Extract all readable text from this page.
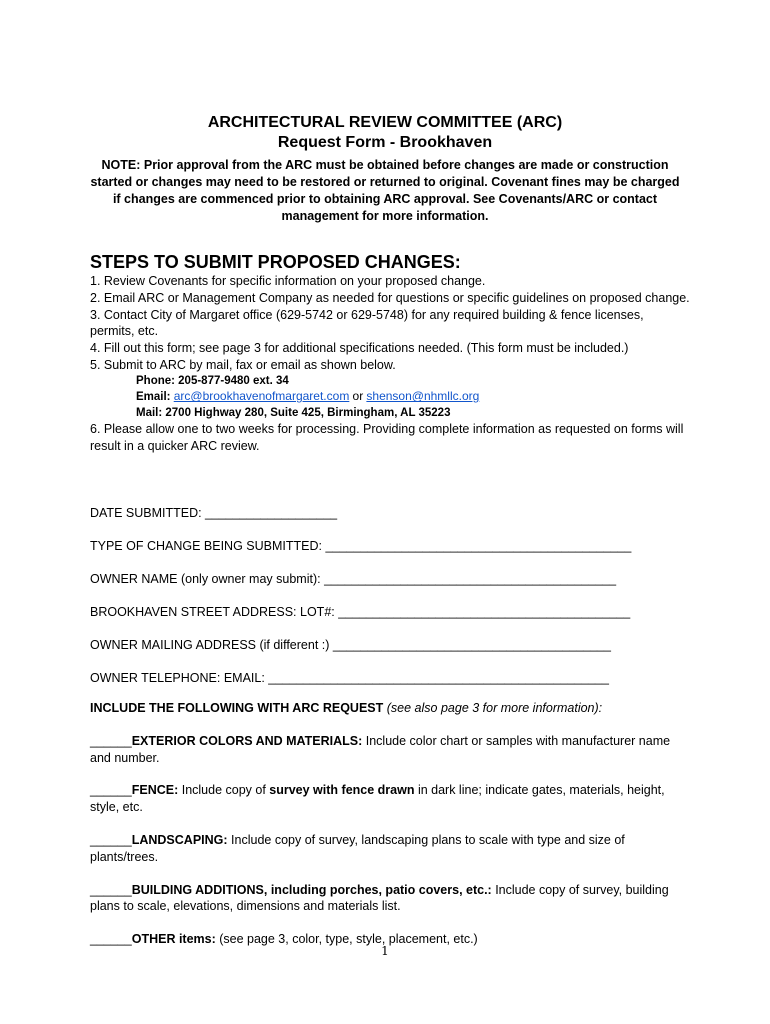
ARCHITECTURAL REVIEW COMMITTEE (ARC)

Request Form - Brookhaven

NOTE: Prior approval from the ARC must be obtained before changes are made or construction started or changes may need to be restored or returned to original. Covenant fines may be charged if changes are commenced prior to obtaining ARC approval. See Covenants/ARC or contact management for more information.

STEPS TO SUBMIT PROPOSED CHANGES:

1. Review Covenants for specific information on your proposed change.

2. Email ARC or Management Company as needed for questions or specific guidelines on proposed change.

3. Contact City of Margaret office (629-5742 or 629-5748) for any required building & fence licenses, permits, etc.

4. Fill out this form; see page 3 for additional specifications needed. (This form must be included.)

5. Submit to ARC by mail, fax or email as shown below.

Phone: 205-877-9480 ext. 34
Email: arc@brookhavenofmargaret.com or shenson@nhmllc.org
Mail: 2700 Highway 280, Suite 425, Birmingham, AL 35223

6. Please allow one to two weeks for processing. Providing complete information as requested on forms will result in a quicker ARC review.

DATE SUBMITTED: ___________________

TYPE OF CHANGE BEING SUBMITTED: ____________________________________________

OWNER NAME (only owner may submit): __________________________________________

BROOKHAVEN STREET ADDRESS: LOT#: __________________________________________

OWNER MAILING ADDRESS (if different :) ________________________________________

OWNER TELEPHONE: EMAIL: _________________________________________________

INCLUDE THE FOLLOWING WITH ARC REQUEST (see also page 3 for more information):

______EXTERIOR COLORS AND MATERIALS: Include color chart or samples with manufacturer name and number.

______FENCE: Include copy of survey with fence drawn in dark line; indicate gates, materials, height, style, etc.

______LANDSCAPING: Include copy of survey, landscaping plans to scale with type and size of plants/trees.

______BUILDING ADDITIONS, including porches, patio covers, etc.: Include copy of survey, building plans to scale, elevations, dimensions and materials list.

______OTHER items: (see page 3, color, type, style, placement, etc.)

1
